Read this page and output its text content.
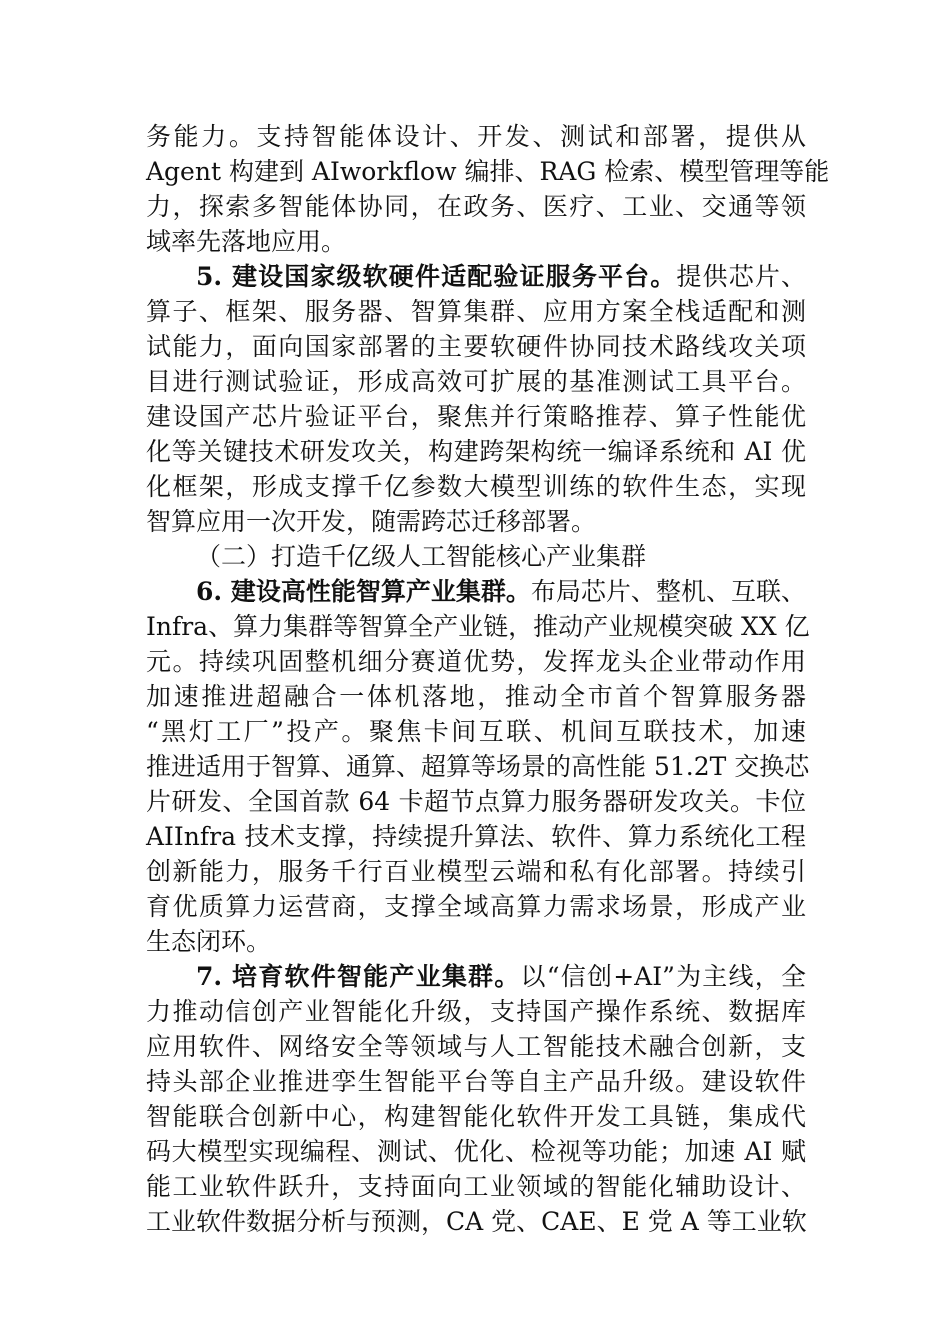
务能力。支持智能体设计、开发、测试和部署，提供从
Agent 构建到 AIworkflow 编排、RAG 检索、模型管理等能
力，探索多智能体协同，在政务、医疗、工业、交通等领
域率先落地应用。
5. 建设国家级软硬件适配验证服务平台。提供芯片、
算子、框架、服务器、智算集群、应用方案全栈适配和测
试能力，面向国家部署的主要软硬件协同技术路线攻关项
目进行测试验证，形成高效可扩展的基准测试工具平台。
建设国产芯片验证平台，聚焦并行策略推荐、算子性能优
化等关键技术研发攻关，构建跨架构统一编译系统和 AI 优
化框架，形成支撑千亿参数大模型训练的软件生态，实现
智算应用一次开发，随需跨芯迁移部署。
（二）打造千亿级人工智能核心产业集群
6. 建设高性能智算产业集群。布局芯片、整机、互联、
Infra、算力集群等智算全产业链，推动产业规模突破 XX 亿
元。持续巩固整机细分赛道优势，发挥龙头企业带动作用
加速推进超融合一体机落地，推动全市首个智算服务器
“黑灯工厂”投产。聚焦卡间互联、机间互联技术，加速
推进适用于智算、通算、超算等场景的高性能 51.2T 交换芯
片研发、全国首款 64 卡超节点算力服务器研发攻关。卡位
AIInfra 技术支撑，持续提升算法、软件、算力系统化工程
创新能力，服务千行百业模型云端和私有化部署。持续引
育优质算力运营商，支撑全域高算力需求场景，形成产业
生态闭环。
7. 培育软件智能产业集群。以“信创+AI”为主线，全
力推动信创产业智能化升级，支持国产操作系统、数据库
应用软件、网络安全等领域与人工智能技术融合创新，支
持头部企业推进孪生智能平台等自主产品升级。建设软件
智能联合创新中心，构建智能化软件开发工具链，集成代
码大模型实现编程、测试、优化、检视等功能；加速 AI 赋
能工业软件跃升，支持面向工业领域的智能化辅助设计、
工业软件数据分析与预测，CA 党、CAE、E 党 A 等工业软
